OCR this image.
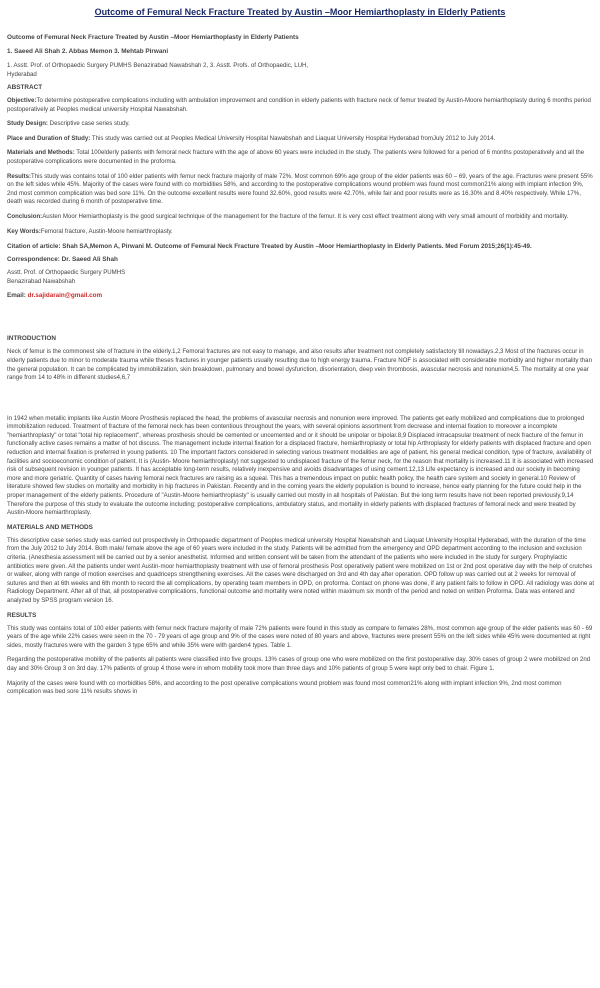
Outcome of Femural Neck Fracture Treated by Austin –Moor Hemiarthoplasty in Elderly Patients
Outcome of Femural Neck Fracture Treated by Austin –Moor Hemiarthoplasty in Elderly Patients
1. Saeed Ali Shah 2. Abbas Memon 3. Mehtab Pirwani
1. Asstt. Prof. of Orthopaedic Surgery PUMHS Benazirabad Nawabshah 2, 3. Asstt. Profs. of Orthopaedic, LUH, Hyderabad
ABSTRACT
Objective:To determine postoperative complications including with ambulation improvement and condition in elderly patients with fracture neck of femur treated by Austin-Moore hemiarthoplasty during 6 months period postoperatively at Peoples medical university Hospital Nawabshah.
Study Design: Descriptive case series study.
Place and Duration of Study: This study was carried out at Peoples Medical University Hospital Nawabshah and Liaquat University Hospital Hyderabad fromJuly 2012 to July 2014.
Materials and Methods: Total 100elderly patients with femoral neck fracture with the age of above 60 years were included in the study. The patients were followed for a period of 6 months postoperatively and all the postoperative complications were documented in the proforma.
Results:This study was contains total of 100 elder patients with femur neck fracture majority of male 72%. Most common 69% age group of the elder patients was 60 – 69, years of the age. Fractures were present 55% on the left sides while 45%. Majority of the cases were found with co morbidities 58%, and according to the postoperative complications wound problem was found most common21% along with implant infection 9%, 2nd most common complication was bed sore 11%. On the outcome excellent results were found 32.60%, good results were 42.70%, while fair and poor results were as 16.30% and 8.40% respectively. While 17%, death was recorded during 6 month of postoperative time.
Conclusion:Austen Moor Hemiarthoplasty is the good surgical technique of the management for the fracture of the femur. It is very cost effect treatment along with very small amount of morbidity and mortality.
Key Words:Femoral fracture, Austin-Moore hemiarthroplasty.
Citation of article: Shah SA,Memon A, Pirwani M. Outcome of Femural Neck Fracture Treated by Austin –Moor Hemiarthoplasty in Elderly Patients. Med Forum 2015;26(1):45-49.
Correspondence: Dr. Saeed Ali Shah
Asstt. Prof. of Orthopaedic Surgery PUMHS
Benazirabad Nawabshah
Email: dr.sajidarain@gmail.com
INTRODUCTION
Neck of femur is the commonest site of fracture in the elderly.1,2 Femoral fractures are not easy to manage, and also results after treatment not completely satisfactory till nowadays.2,3 Most of the fractures occur in elderly patients due to minor to moderate trauma while theses fractures in younger patients usually resulting due to high energy trauma. Fracture NOF is associated with considerable morbidity and higher mortality than the general population. It can be complicated by immobilization, skin breakdown, pulmonary and bowel dysfunction, disorientation, deep vein thrombosis, avascular necrosis and nonunion4,5. The mortality at one year range from 14 to 48% in different studies4,6,7
In 1942 when metallic implants like Austin Moore Prosthesis replaced the head, the problems of avascular necrosis and nonunion were improved. The patients get early mobilized and complications due to prolonged immobilization reduced. Treatment of fracture of the femoral neck has been contentious throughout the years, with several opinions assortment from decrease and internal fixation to moreover a incomplete "hemiarthroplasty" or total "total hip replacement", whereas prosthesis should be cemented or uncemented and or it should be unipolar or bipolar.8,9 Displaced intracapsular treatment of neck fracture of the femur in functionally active cases remains a matter of hot discuss. The management include internal fixation for a displaced fracture, hemiarthroplasty or total hip Arthroplasty for elderly patients with displaced fracture and open reduction and internal fixation is preferred in young patients. 10 The important factors considered in selecting various treatment modalities are age of patient, his general medical condition, type of fracture, availability of facilities and socioeconomic condition of patient. It is (Austin- Moore hemiarthroplasty) not suggested to undisplaced fracture of the femur neck, for the reason that mortality is increased.11 It is associated with increased risk of subsequent revision in younger patients. It has acceptable long-term results, relatively inexpensive and avoids disadvantages of using cement.12,13 Life expectancy is increased and our society in becoming more and more geriatric. Quantity of cases having femoral neck fractures are raising as a squeal. This has a tremendous impact on public health policy, the health care system and society in general.10 Review of literature showed few studies on mortality and morbidity in hip fractures in Pakistan. Recently and in the coming years the elderly population is bound to increase, hence early planning for the future could help in the proper management of the elderly patients. Procedure of "Austin-Moore hemiarthroplasty" is usually carried out mostly in all hospitals of Pakistan. But the long term results have not been reported previously.9,14 Therefore the purpose of this study to evaluate the outcome including; postoperative complications, ambulatory status, and mortality in elderly patients with displaced fractures of femoral neck and were treated by Austin-Moore hemiarthroplasty.
MATERIALS AND METHODS
This descriptive case series study was carried out prospectively in Orthopaedic department of Peoples medical university Hospital Nawabshah and Liaquat University Hospital Hyderabad, with the duration of the time from the July 2012 to July 2014. Both male/ female above the age of 60 years were included in the study. Patients will be admitted from the emergency and OPD department according to the inclusion and exclusion criteria. (Anesthesia assessment will be carried out by a senior anesthetist. Informed and written consent will be taken from the attendant of the patients who were included in the study for surgery. Prophylactic antibiotics were given. All the patients under went Austin-moor hemiarthoplasty treatment with use of femoral prosthesis Post operatively patient were mobilized on 1st or 2nd post operative day with the help of crutches or walker, along with range of motion exercises and quadriceps strengthening exercises. All the cases were discharged on 3rd and 4th day after operation. OPD follow up was carried out at 2 weeks for removal of sutures and then at 6th weeks and 6th month to record the all complications, by operating team members in OPD, on proforma. Contact on phone was done, if any patient fails to follow in OPD. All radiology was done at Radiology Department. After all of that, all postoperative complications, functional outcome and mortality were noted within maximum six month of the period and noted on written Proforma. Data was entered and analyzed by SPSS program version 16.
RESULTS
This study was contains total of 100 elder patients with femur neck fracture majority of male 72% patients were found in this study as compare to females 28%, most common age group of the elder patients was 60 - 69 years of the age while 22% cases were seen in the 70 - 79 years of age group and 9% of the cases were noted of 80 years and above, fractures were present 55% on the left sides while 45% were documented at right sides, mostly fractures were with the garden 3 type 65% and while 35% were with garden4 types. Table 1.
Regarding the postoperative mobility of the patients all patients were classified into five groups. 13% cases of group one who were mobilized on the first postoperative day. 30% cases of group 2 were mobilized on 2nd day and 30% Group 3 on 3rd day. 17% patients of group 4 those were in whom mobility took more than three days and 10% patients of group 5 were kept only bed to chair. Figure 1.
Majority of the cases were found with co morbidities 58%, and according to the post operative complications wound problem was found most common21% along with implant infection 9%, 2nd most common complication was bed sore 11% results shows in
